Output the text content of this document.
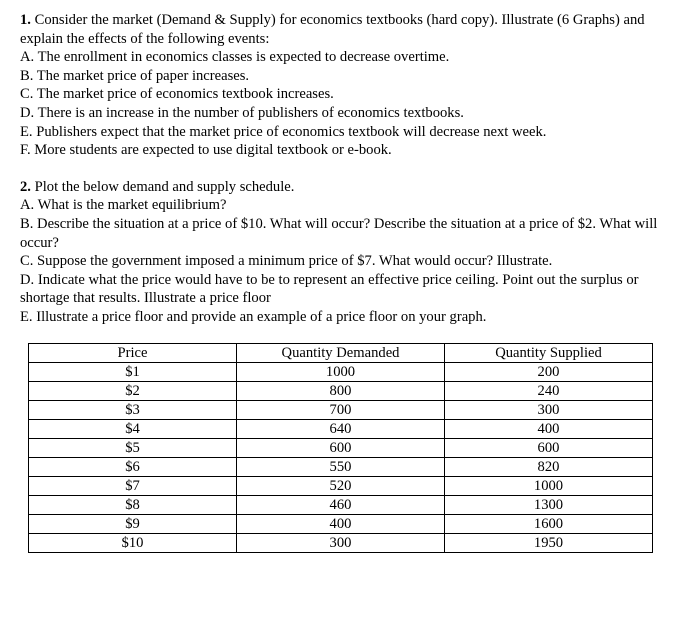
1. Consider the market (Demand & Supply) for economics textbooks (hard copy). Illustrate (6 Graphs) and explain the effects of the following events:

A. The enrollment in economics classes is expected to decrease overtime.

B. The market price of paper increases.

C. The market price of economics textbook increases.

D. There is an increase in the number of publishers of economics textbooks.

E. Publishers expect that the market price of economics textbook will decrease next week.

F. More students are expected to use digital textbook or e-book.

2. Plot the below demand and supply schedule.

A. What is the market equilibrium?

B. Describe the situation at a price of $10. What will occur? Describe the situation at a price of $2. What will occur?

C. Suppose the government imposed a minimum price of $7. What would occur? Illustrate.

D. Indicate what the price would have to be to represent an effective price ceiling. Point out the surplus or shortage that results. Illustrate a price floor

E. Illustrate a price floor and provide an example of a price floor on your graph.

Price	Quantity Demanded	Quantity Supplied
$1	1000	200
$2	800	240
$3	700	300
$4	640	400
$5	600	600
$6	550	820
$7	520	1000
$8	460	1300
$9	400	1600
$10	300	1950
